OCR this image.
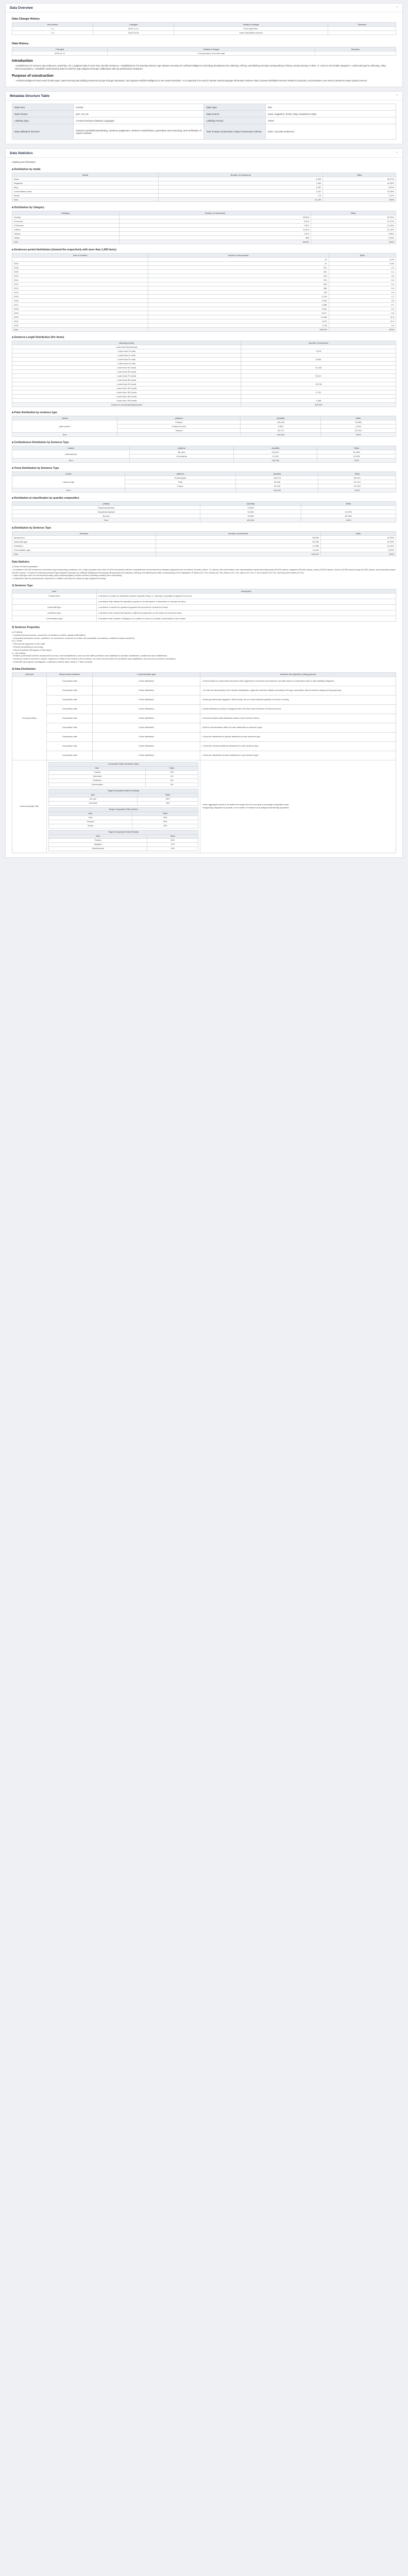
Data Overview	⌃
Data Change History
File version	Changed	Details of change	Remarks
1.1	2022-11-12	Final Data Rels.	
1.0	2022-03-25	Open Data (Beta version)	
Data History
Changed	Details of change	Remarks
2022-01-11	Full disclosure of Ai-Hub data	
Introduction
• Establishment of sentence type (Inference, prediction, etc.), judgment data of more than 163,000 sentences. • Establishment of a learning sentence type dataset necessary for artificial intelligence technology development by collecting, refining, and labeling raw data corresponding to history, society (Society, Culture, IT, science, Etc) health categories. • Label total type by collecting, citing inference/prophecy. • Establish model learning data for sentence type judgment through collaboration with top professional companies
Purpose of construction
- Artificial intelligence learns word chunks types, starts learning data building sentences by type through automation, and supports artificial intelligence to use natural workload. • It is expected to be used in domain natural language information evidence data, business debilitated services related to document, and develops a new service (sentence expert system) service.
Metadata Structure Table	⌃
Data Area	Korean	Data Type	Text
Data Format	json, csv, txt	Data Source	news, magazine, books, blog, broadcast scripts
Labeling Type	Content business (Natural Language)	Labeling Format	JSON
Data Utilization Services	Sentence prohibition/predicting, sentence judgement, sentence classification, generation and reasoning, and verification of expert contexts	Year of Data Construction / Data Construction Volume	2022 / 163,000 sentences
Data Statistics	⌃

Labeling and information

■ Distribution by media
Media	Number of documents	Ratio
News	6,433	38.97%
Magazine	1,930	16.35%
Blog	1,061	9.91%
Conversation script	1,167	10.49%
Books	779	7.22%
Sum	11,100	100%
■ Distribution by Category
Category	Number of documents	Ratio
Society	25,516	30.30%
Economic	9,252	21.97%
IT/Science	7,807	13.15%
Culture	11,510	21.14%
History	1,920	4.56%
Health	886	3.09%
Sum	56,891	100%
■ Sentences period distribution (showed the respectively with more than 1,000 items)
Year of creation	Number of documents	Ratio
	19	0.1%
2001	37	0.0%
2008	291	0.2
2009	202	0.1
2010	233	0.6
2011	215	0.2
2012	309	0.3
2013	585	0.4
2014	736	0.5
2015	1,215	1.2
2016	1,543	3.6
2017	1,986	5.7
2018	3,042	5.9
2019	5,217	9.6
2020	11,386	14.8
2021	3,011	13.3
2022	1,116	0.8
Sum	163,049	100%
■ Sentence Length Distribution (Per Items)
Labeling number	Number of sentences
Lower than 5(Incorrect)	
Lower than 10 units	1,676
Lower than 20 units	
Lower than 30 units	8,835
Lower than 40 units	
Lower than 50 words	31,433
Lower than 60 words	
Lower than 70 words	26,117
Lower than 80 words	
Lower than 90 words	15,748
Lower than 100 words	
Lower than 150 words	2,751
Lower than 180 words	
Lower than 190 words	1,488
Sentence number(text)(total) total	163,049
■ Polar distribution by sentence type
Labels	patterns	Quantity	Ratio
polar yes/no	Positive	125,003	76.68%
	Problem in text	3,826	2.42%
	Neutral	34,173	20.91%
Sum		163,049	100%
■ Certitudeness Distribution by Sentence Type
Labels	patterns	Quantity	Ratio
certitudeness	Be sure	144,871	91.38%
	Uncertainty	21,181	13.39%
Sum		163,049	100%
■ Tense Distribution by Sentence Type
Labels	patterns	Quantity	Ratio
Latency date	Present/past	105,272	65.11%
	Past	39,198	19.71%
	Future	18,738	13.19%
Sum		163,049	100%
■ Distribution at classification by quantity composition
polarity	Quantity	Ratio
Prophecy/mention	79,095	
Complement(what)	15,093	12.00%
Normal	78,359	59.28%
Sum	163,049	100%
■ Distribution by Sentence Type
Sentence	Number of sentences	Ratio
factual form	69,069	42.35%
Inferential type	69,798	42.39%
Prediction	17,089	10.44%
Conversation type	11,420	6.99%
Sum	163,049	100%
Data Statistics

1) Scale of Data Explanation

• Constituent 163,000 sentences of sentence type (reasoning, prediction, etc.) Data (includes more than 10,000 documents) with the completeness of documents by category (ingested such as history, Society, culture, IT, science, life and health) in the representative media (including news (29,000 cases), magazine (26,000 cases), books (30,000 cases), novels (10,000 cases), blogs (24,000 cases), and broadcast scripts (30,000 cases) • Construct a learning sentence type dataset necessary for artificial intelligence technology development by collecting, refining, and labeling raw data corresponding to the categories of history (10.7%), society (10.7%), finance (10.7%), culture (10.7%), IT and science (10.7%), and living and health (10.7%)

• Label total type such as normal (temporality, past positive/negative positive surface (including certainty and uncertainty)

• Collaborate with top professional companies in reliable build data for sentence type judgment learning

1) Sentence Type
Item	Description
Factual form	a sentence in which an individual reveals a specific thing, i.e. hearing or specially recognized to be true
	a sentence that reflects the speaker's opinion of an idea that is, it describes or conveys the idea
Inferential type	a sentence in which the speaker supposes the occurrence of what he knows
predictive type	a sentence with content that depicts a different perspective on the basis of a previous event
Conversation type	a sentence that contains a dialogue in a context of a fact in a certain conversation in the context
2) Sentence Properties

a) Certainty

- Confirmed (most sources, occurrence of incident is certain, speaker affirmation)

- Uncertainty (unknown source, prediction, no occurrence of events of conflict, and possibility, uncertainty, conditional clause assumed)

b) ( ) Tense

- Past (events happened in the past)

- Present (Something is occurring)

- Future (incidents will happen in the future)

c) - the polarity

- Positive (contextual incident, factual will to be true, event established, none occurred after prediction was established, situation established, conditional case established)

- Denial (no content connect to context, impact to no false in the content of the sentence, an event occurred after the prediction was established, and an event occurred a deviation)

- Undecided (if progress investigation, undecided content, false content, T false content)

3) Data Distribution
Data split	Measurement indicators	a representative goal	indicators and objectives relating grounds
Accuracy (Rate)	Composition ratio	Check distribution	• Criteria based on construction documents with equipment of conversion and sentence rule data based on construction rate for data reliability categories
Composition ratio	Check distribution	• To make the discontinuity of the domain classification, adjust the collection statistic according to the type composition rate by medium category during preparing
Composition ratio	Check distribution	• Books (professional), Magazine, Writer Books, Etc.) to meet collection quantity of sources in history
Composition ratio	Check distribution	• Media distribution (books) in categories with more than total 20 articles of these Arrow this
Composition ratio	Check distribution	• General schedule data distribution based on the number of items
Composition ratio	Check distribution	• Mark on discrimination within an index distribution of sentence types
Composition ratio	Check distribution	• Check the distribution of specific attributes for each sentence type
Composition ratio	Check distribution	• Check the sentence attribute distribution for each sentence type
Composition ratio	Check distribution	• Check the distribution of these attributes for each sentence type
Accuracy (Angel rate)	
Composition Ratio (Sentence Type)
Item	Ratio
Factual	75%
Inferential	9%
Predictive	8%
Conversation	8%
Target Composition Ratio (Certainty)
Item	Ratio
Be sure	60%
Uncertain	40%
Target Composition Ratio (Tense)
Item	Ratio
Past	45%
Present	30%
Future	25%
Target Composition Ratio (Polarity)
Item	Ratio
Positive	80%
Negative	10%
Undetermined	10%

• Each aggregate needs to be within the range from the accuracy in the target composition ratio

• Regarding categories to provide a set number of research and analysis that identify properties
